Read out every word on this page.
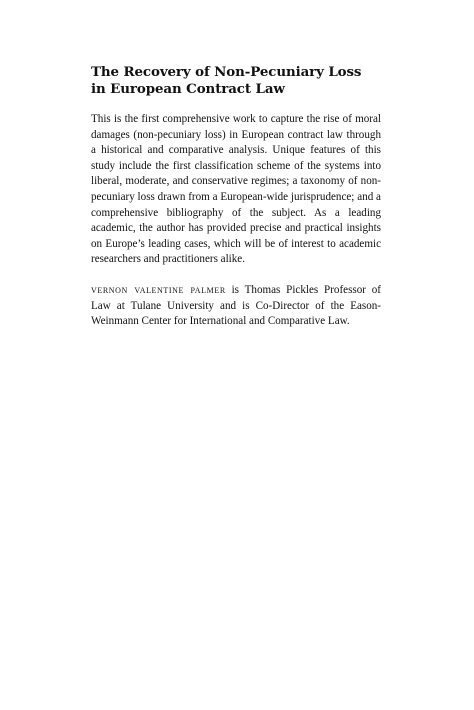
The Recovery of Non-Pecuniary Loss
in European Contract Law

This is the first comprehensive work to capture the rise of moral damages (non-pecuniary loss) in European contract law through a historical and comparative analysis. Unique features of this study include the first classification scheme of the systems into liberal, moderate, and conservative regimes; a taxonomy of non-pecuniary loss drawn from a European-wide jurisprudence; and a comprehensive bibliography of the subject. As a leading academic, the author has provided precise and practical insights on Europe’s leading cases, which will be of interest to academic researchers and practitioners alike.

vernon valentine palmer is Thomas Pickles Professor of Law at Tulane University and is Co-Director of the Eason-Weinmann Center for International and Comparative Law.
